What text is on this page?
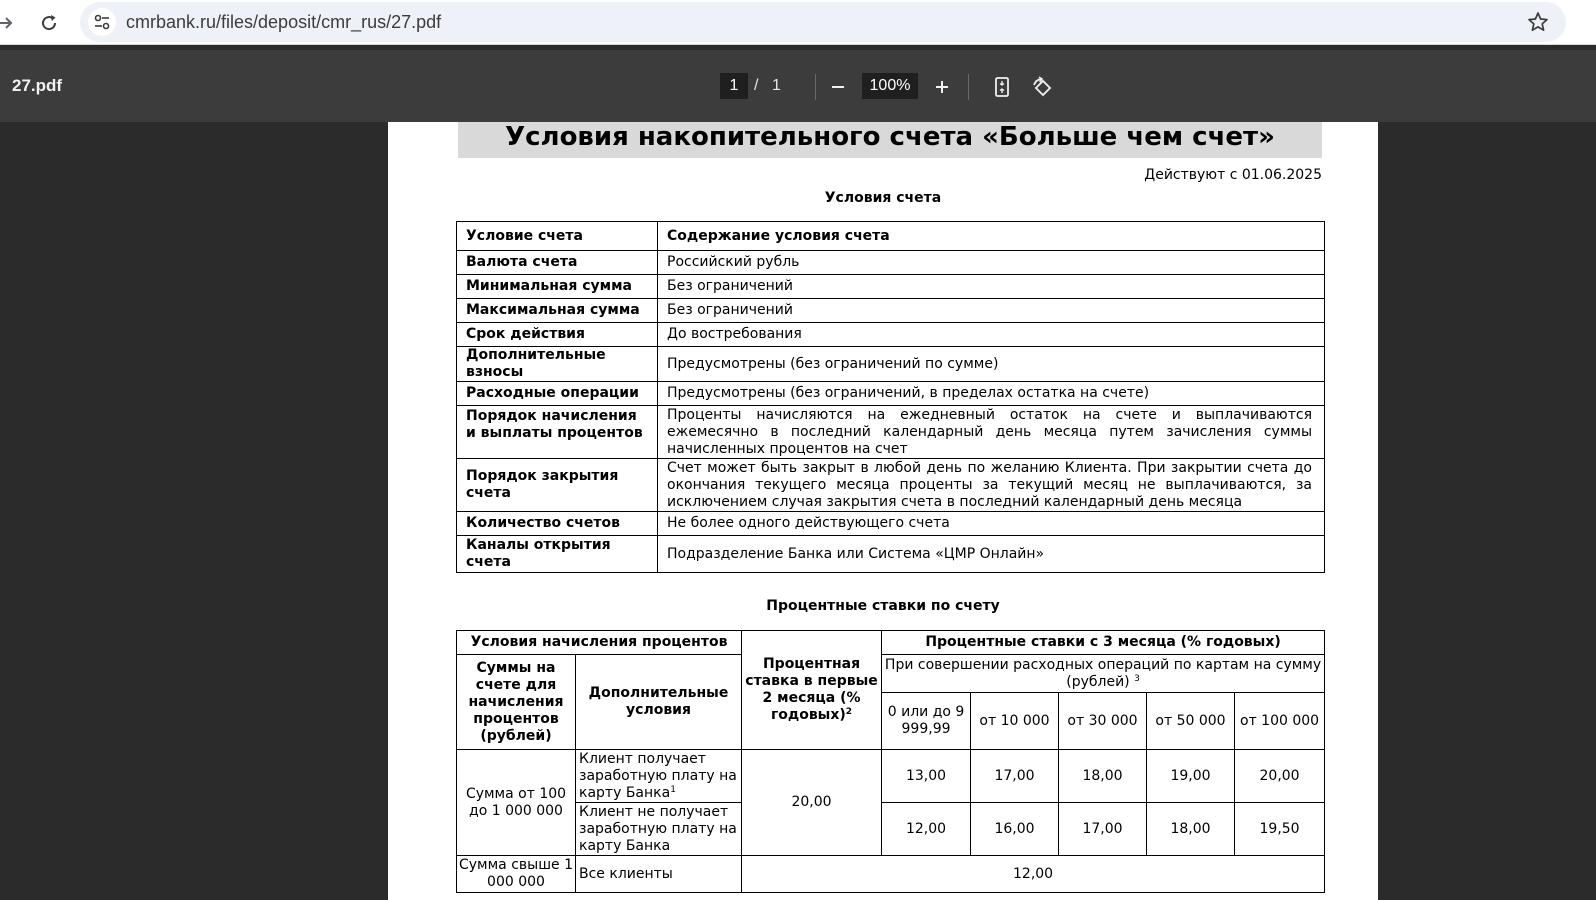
cmrbank.ru/files/deposit/cmr_rus/27.pdf
27.pdf	1 / 1	100%
Условия накопительного счета «Больше чем счет»
Действуют с 01.06.2025
Условия счета
Условие счета	Содержание условия счета
Валюта счета	Российский рубль
Минимальная сумма	Без ограничений
Максимальная сумма	Без ограничений
Срок действия	До востребования
Дополнительные взносы	Предусмотрены (без ограничений по сумме)
Расходные операции	Предусмотрены (без ограничений, в пределах остатка на счете)
Порядок начисления и выплаты процентов	Проценты начисляются на ежедневный остаток на счете и выплачиваются ежемесячно в последний календарный день месяца путем зачисления суммы начисленных процентов на счет
Порядок закрытия счета	Счет может быть закрыт в любой день по желанию Клиента. При закрытии счета до окончания текущего месяца проценты за текущий месяц не выплачиваются, за исключением случая закрытия счета в последний календарный день месяца
Количество счетов	Не более одного действующего счета
Каналы открытия счета	Подразделение Банка или Система «ЦМР Онлайн»
Процентные ставки по счету
Условия начисления процентов		Процентная ставка в первые 2 месяца (% годовых)$^2$	Процентные ставки с 3 месяца (% годовых)				
Суммы на счете для начисления процентов (рублей)	Дополнительные условия		При совершении расходных операций по картам на сумму (рублей) $^3$
			0 или до 9 999,99	от 10 000	от 30 000	от 50 000	от 100 000
Сумма от 100 до 1 000 000	Клиент получает заработную плату на карту Банка$^1$	20,00	13,00	17,00	18,00	19,00	20,00
	Клиент не получает заработную плату на карту Банка		12,00	16,00	17,00	18,00	19,50
Сумма свыше 1 000 000	Все клиенты	12,00					
